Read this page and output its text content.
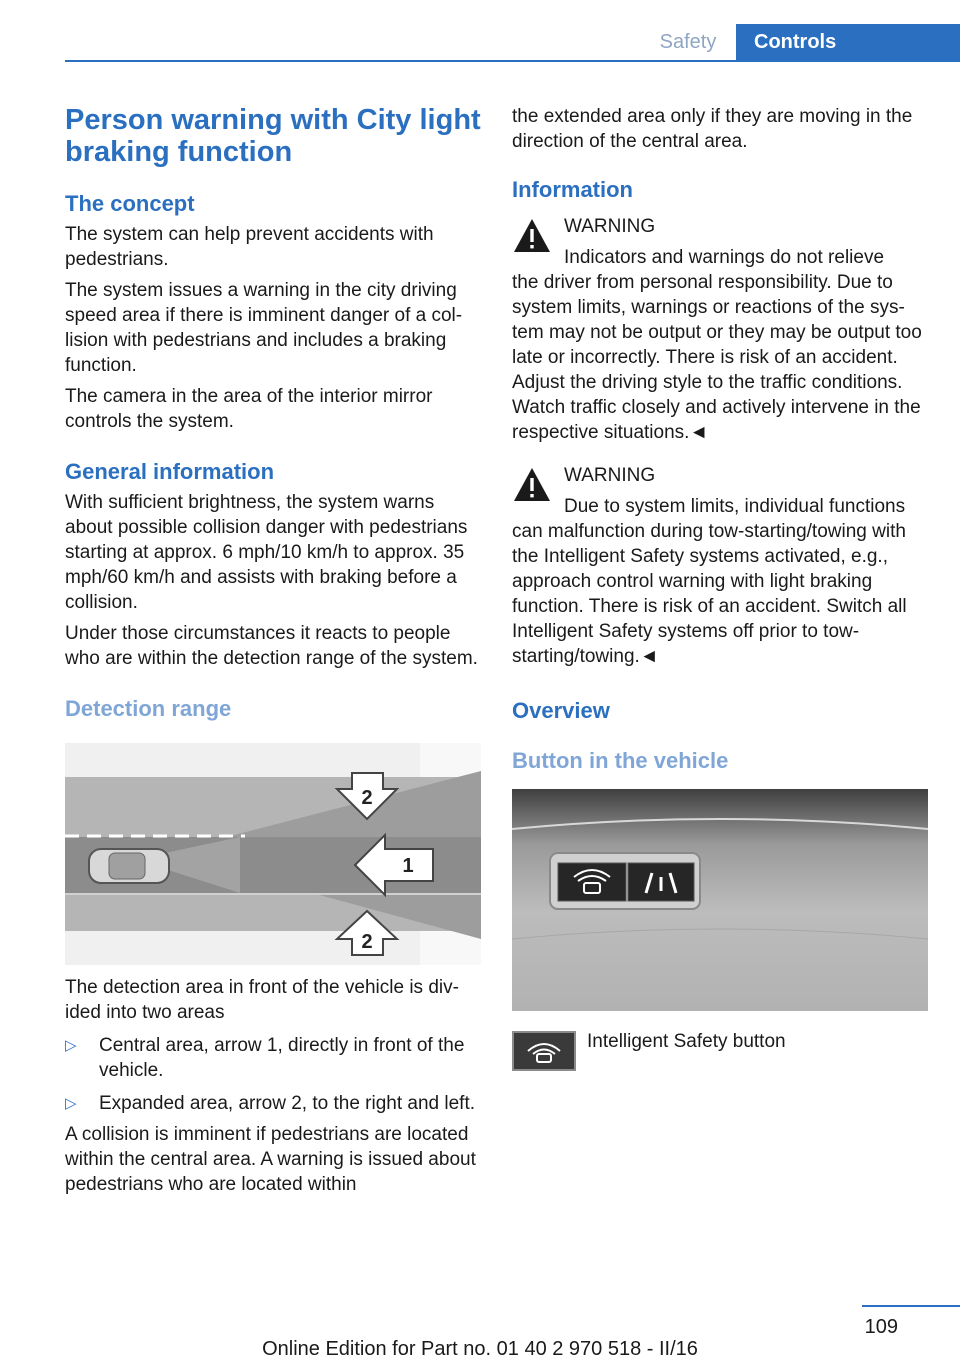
Safety	Controls
Person warning with City light braking function
The concept

The system can help prevent accidents with pedestrians.

The system issues a warning in the city driving speed area if there is imminent danger of a collision with pedestrians and includes a braking function.

The camera in the area of the interior mirror controls the system.

General information

With sufficient brightness, the system warns about possible collision danger with pedestrians starting at approx. 6 mph/10 km/h to approx. 35 mph/60 km/h and assists with braking before a collision.

Under those circumstances it reacts to people who are within the detection range of the system.

Detection range
2
1
2

The detection area in front of the vehicle is divided into two areas

▷	Central area, arrow 1, directly in front of the vehicle.
▷	Expanded area, arrow 2, to the right and left.

A collision is imminent if pedestrians are located within the central area. A warning is issued about pedestrians who are located within

the extended area only if they are moving in the direction of the central area.

Information

WARNING

Indicators and warnings do not relieve

the driver from personal responsibility. Due to system limits, warnings or reactions of the system may not be output or they may be output too late or incorrectly. There is risk of an accident. Adjust the driving style to the traffic conditions. Watch traffic closely and actively intervene in the respective situations.◄

WARNING

Due to system limits, individual functions

can malfunction during tow-starting/towing with the Intelligent Safety systems activated, e.g., approach control warning with light braking function. There is risk of an accident. Switch all Intelligent Safety systems off prior to tow-starting/towing.◄

Overview
Button in the vehicle

Intelligent Safety button

109
Online Edition for Part no. 01 40 2 970 518 - II/16
